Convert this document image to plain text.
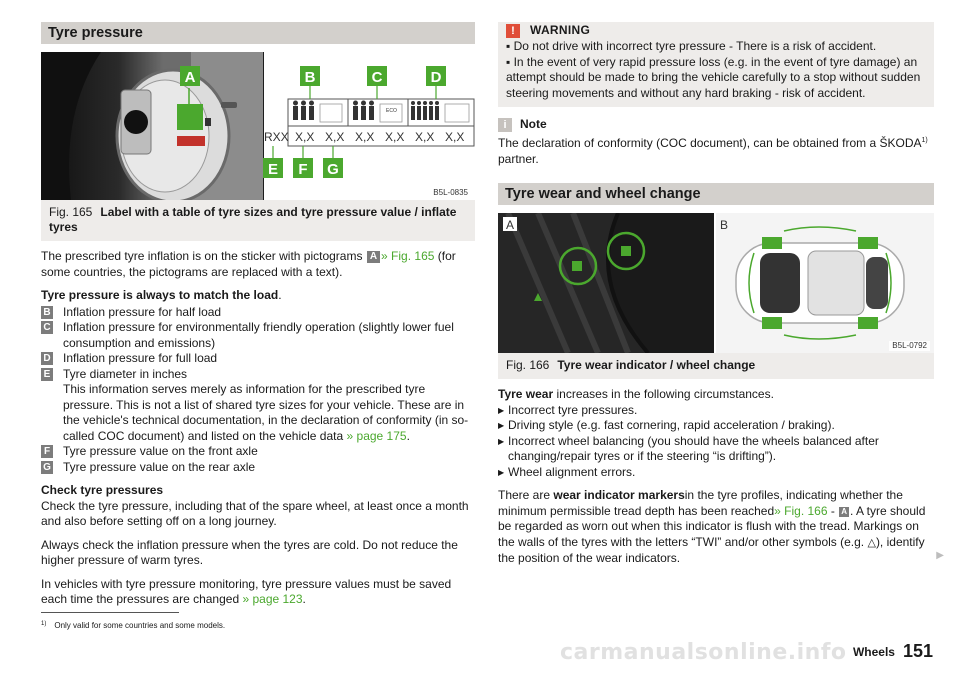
Tyre pressure
ECO
RXX X,X X,X X,X X,X X,X X,X
A	B	C	D
E F G
B5L-0835
Fig. 165 Label with a table of tyre sizes and tyre pressure value / inflate tyres

The prescribed tyre inflation is on the sticker with pictograms A » Fig. 165 (for some countries, the pictograms are replaced with a text).

Tyre pressure is always to match the load.

B Inflation pressure for half load
C Inflation pressure for environmentally friendly operation (slightly lower fuel consumption and emissions)
D Inflation pressure for full load
E Tyre diameter in inches
This information serves merely as information for the prescribed tyre pressure. This is not a list of shared tyre sizes for your vehicle. These are in the vehicle's technical documentation, in the declaration of conformity (in so-called COC document) and listed on the vehicle data » page 175.
F Tyre pressure value on the front axle
G Tyre pressure value on the rear axle

Check tyre pressures
Check the tyre pressure, including that of the spare wheel, at least once a month and also before setting off on a long journey.

Always check the inflation pressure when the tyres are cold. Do not reduce the higher pressure of warm tyres.

In vehicles with tyre pressure monitoring, tyre pressure values must be saved each time the pressures are changed » page 123.

!	WARNING
▪ Do not drive with incorrect tyre pressure - There is a risk of accident.
▪ In the event of very rapid pressure loss (e.g. in the event of tyre damage) an attempt should be made to bring the vehicle carefully to a stop without sudden steering movements and without any hard braking - risk of accident.
i	Note

The declaration of conformity (COC document), can be obtained from a ŠKODA$^{1)}$ partner.

Tyre wear and wheel change
A	B
B5L-0792
Fig. 166 Tyre wear indicator / wheel change

Tyre wear increases in the following circumstances.

▶ Incorrect tyre pressures.
▶ Driving style (e.g. fast cornering, rapid acceleration / braking).
▶ Incorrect wheel balancing (you should have the wheels balanced after changing/repair tyres or if the steering “is drifting”).
▶ Wheel alignment errors.

There are wear indicator markersin the tyre profiles, indicating whether the minimum permissible tread depth has been reached» Fig. 166 - A . A tyre should be regarded as worn out when this indicator is flush with the tread. Markings on the walls of the tyres with the letters “TWI” and/or other symbols (e.g. △), identify the position of the wear indicators.	▶
$^{1)}$ Only valid for some countries and some models.
carmanualsonline.info Wheels 151
